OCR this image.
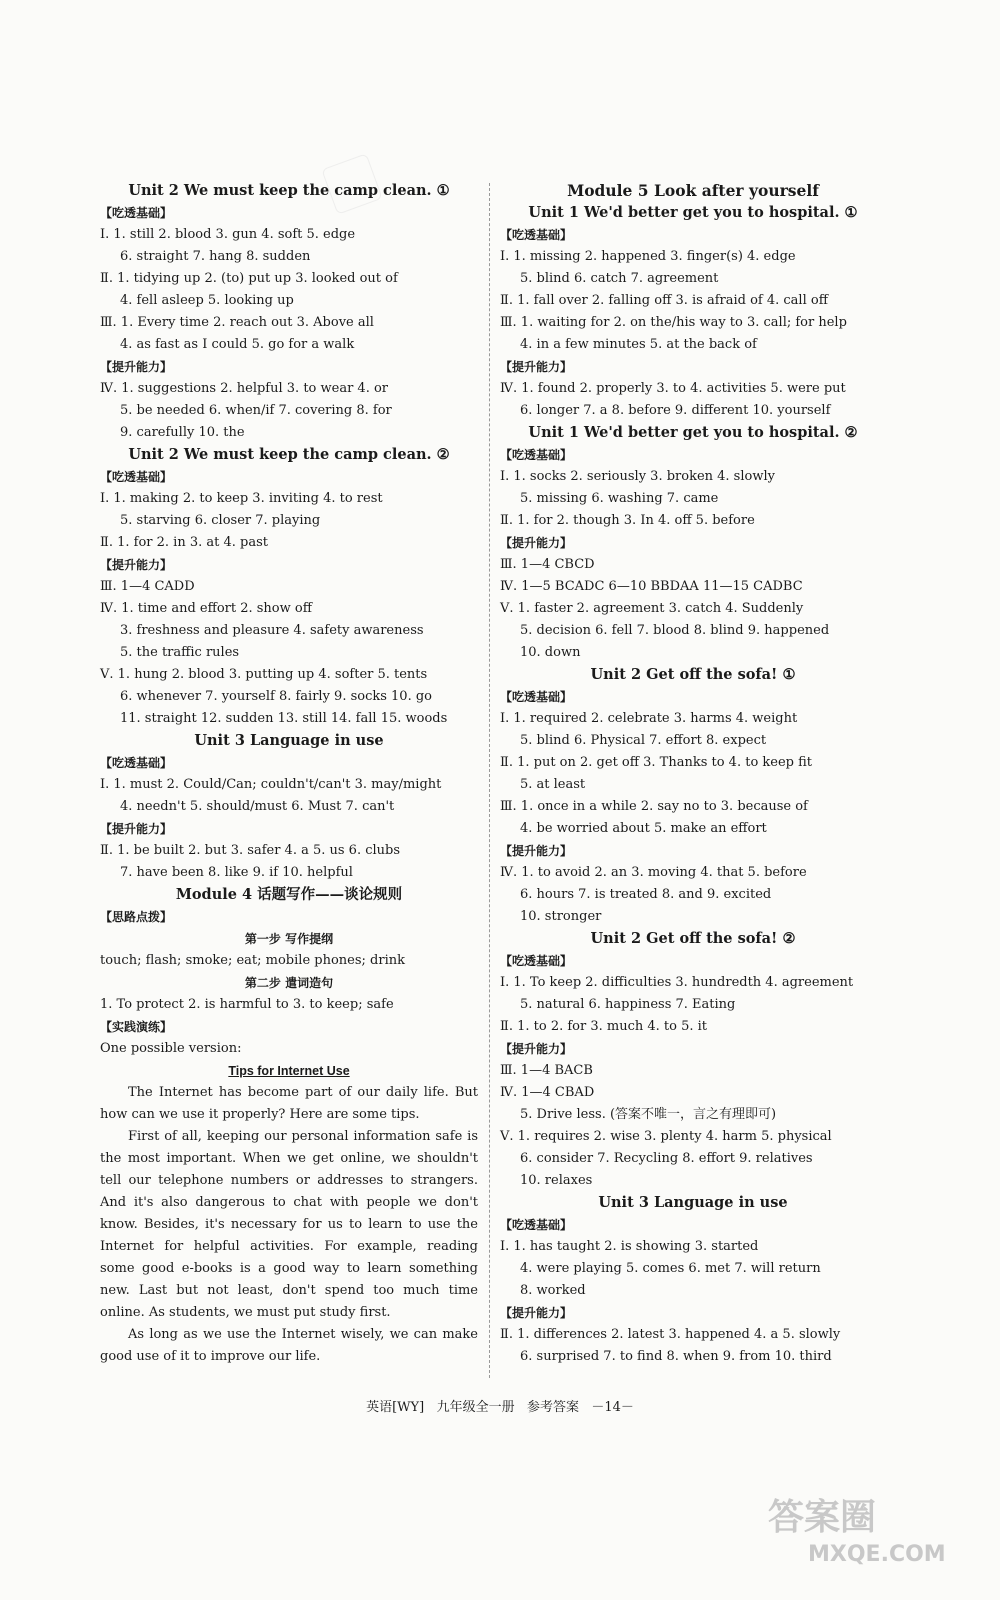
Unit 2 We must keep the camp clean. ①
【吃透基础】
Ⅰ. 1. still 2. blood 3. gun 4. soft 5. edge
6. straight 7. hang 8. sudden
Ⅱ. 1. tidying up 2. (to) put up 3. looked out of
4. fell asleep 5. looking up
Ⅲ. 1. Every time 2. reach out 3. Above all
4. as fast as I could 5. go for a walk
【提升能力】
Ⅳ. 1. suggestions 2. helpful 3. to wear 4. or
5. be needed 6. when/if 7. covering 8. for
9. carefully 10. the
Unit 2 We must keep the camp clean. ②
【吃透基础】
Ⅰ. 1. making 2. to keep 3. inviting 4. to rest
5. starving 6. closer 7. playing
Ⅱ. 1. for 2. in 3. at 4. past
【提升能力】
Ⅲ. 1—4 CADD
Ⅳ. 1. time and effort 2. show off
3. freshness and pleasure 4. safety awareness
5. the traffic rules
Ⅴ. 1. hung 2. blood 3. putting up 4. softer 5. tents
6. whenever 7. yourself 8. fairly 9. socks 10. go
11. straight 12. sudden 13. still 14. fall 15. woods
Unit 3 Language in use
【吃透基础】
Ⅰ. 1. must 2. Could/Can; couldn't/can't 3. may/might
4. needn't 5. should/must 6. Must 7. can't
【提升能力】
Ⅱ. 1. be built 2. but 3. safer 4. a 5. us 6. clubs
7. have been 8. like 9. if 10. helpful
Module 4 话题写作——谈论规则
【思路点拨】
第一步 写作提纲
touch; flash; smoke; eat; mobile phones; drink
第二步 遣词造句
1. To protect 2. is harmful to 3. to keep; safe
【实践演练】
One possible version:
Tips for Internet Use

The Internet has become part of our daily life. But how can we use it properly? Here are some tips.

First of all, keeping our personal information safe is the most important. When we get online, we shouldn't tell our telephone numbers or addresses to strangers. And it's also dangerous to chat with people we don't know. Besides, it's necessary for us to learn to use the Internet for helpful activities. For example, reading some good e-books is a good way to learn something new. Last but not least, don't spend too much time online. As students, we must put study first.

As long as we use the Internet wisely, we can make good use of it to improve our life.

Module 5 Look after yourself
Unit 1 We'd better get you to hospital. ①
【吃透基础】
Ⅰ. 1. missing 2. happened 3. finger(s) 4. edge
5. blind 6. catch 7. agreement
Ⅱ. 1. fall over 2. falling off 3. is afraid of 4. call off
Ⅲ. 1. waiting for 2. on the/his way to 3. call; for help
4. in a few minutes 5. at the back of
【提升能力】
Ⅳ. 1. found 2. properly 3. to 4. activities 5. were put
6. longer 7. a 8. before 9. different 10. yourself
Unit 1 We'd better get you to hospital. ②
【吃透基础】
Ⅰ. 1. socks 2. seriously 3. broken 4. slowly
5. missing 6. washing 7. came
Ⅱ. 1. for 2. though 3. In 4. off 5. before
【提升能力】
Ⅲ. 1—4 CBCD
Ⅳ. 1—5 BCADC 6—10 BBDAA 11—15 CADBC
Ⅴ. 1. faster 2. agreement 3. catch 4. Suddenly
5. decision 6. fell 7. blood 8. blind 9. happened
10. down
Unit 2 Get off the sofa! ①
【吃透基础】
Ⅰ. 1. required 2. celebrate 3. harms 4. weight
5. blind 6. Physical 7. effort 8. expect
Ⅱ. 1. put on 2. get off 3. Thanks to 4. to keep fit
5. at least
Ⅲ. 1. once in a while 2. say no to 3. because of
4. be worried about 5. make an effort
【提升能力】
Ⅳ. 1. to avoid 2. an 3. moving 4. that 5. before
6. hours 7. is treated 8. and 9. excited
10. stronger
Unit 2 Get off the sofa! ②
【吃透基础】
Ⅰ. 1. To keep 2. difficulties 3. hundredth 4. agreement
5. natural 6. happiness 7. Eating
Ⅱ. 1. to 2. for 3. much 4. to 5. it
【提升能力】
Ⅲ. 1—4 BACB
Ⅳ. 1—4 CBAD
5. Drive less. (答案不唯一，言之有理即可)
Ⅴ. 1. requires 2. wise 3. plenty 4. harm 5. physical
6. consider 7. Recycling 8. effort 9. relatives
10. relaxes
Unit 3 Language in use
【吃透基础】
Ⅰ. 1. has taught 2. is showing 3. started
4. were playing 5. comes 6. met 7. will return
8. worked
【提升能力】
Ⅱ. 1. differences 2. latest 3. happened 4. a 5. slowly
6. surprised 7. to find 8. when 9. from 10. third
英语[WY]   九年级全一册   参考答案   －14－
答案圈
MXQE.COM
